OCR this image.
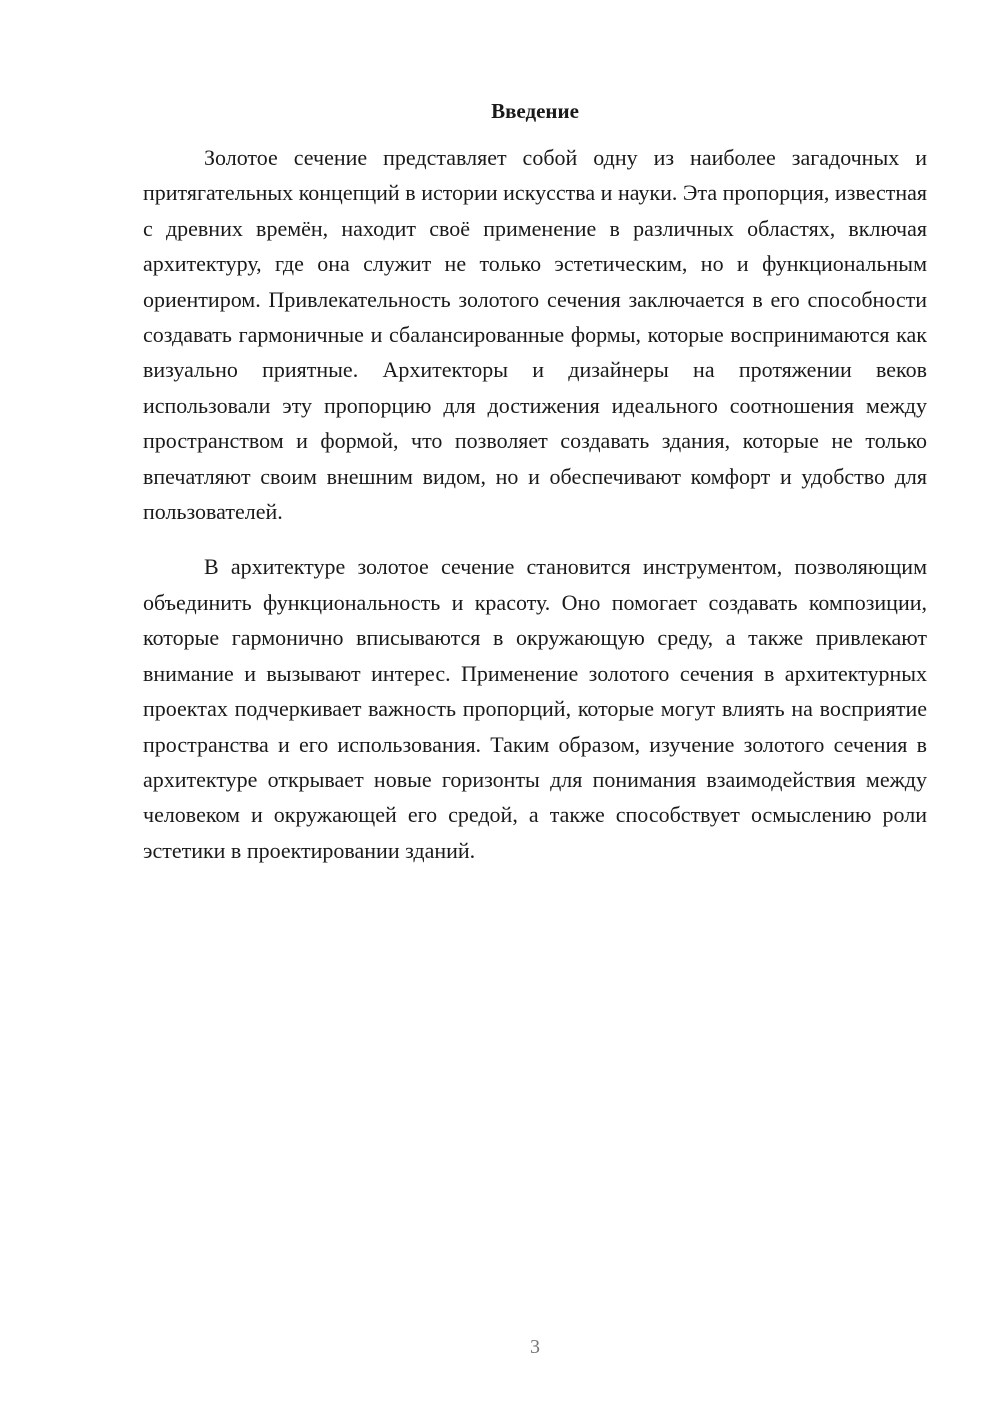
Введение

Золотое сечение представляет собой одну из наиболее загадочных и притягательных концепций в истории искусства и науки. Эта пропорция, известная с древних времён, находит своё применение в различных областях, включая архитектуру, где она служит не только эстетическим, но и функциональным ориентиром. Привлекательность золотого сечения заключается в его способности создавать гармоничные и сбалансированные формы, которые воспринимаются как визуально приятные. Архитекторы и дизайнеры на протяжении веков использовали эту пропорцию для достижения идеального соотношения между пространством и формой, что позволяет создавать здания, которые не только впечатляют своим внешним видом, но и обеспечивают комфорт и удобство для пользователей.

В архитектуре золотое сечение становится инструментом, позволяющим объединить функциональность и красоту. Оно помогает создавать композиции, которые гармонично вписываются в окружающую среду, а также привлекают внимание и вызывают интерес. Применение золотого сечения в архитектурных проектах подчеркивает важность пропорций, которые могут влиять на восприятие пространства и его использования. Таким образом, изучение золотого сечения в архитектуре открывает новые горизонты для понимания взаимодействия между человеком и окружающей его средой, а также способствует осмыслению роли эстетики в проектировании зданий.

3
